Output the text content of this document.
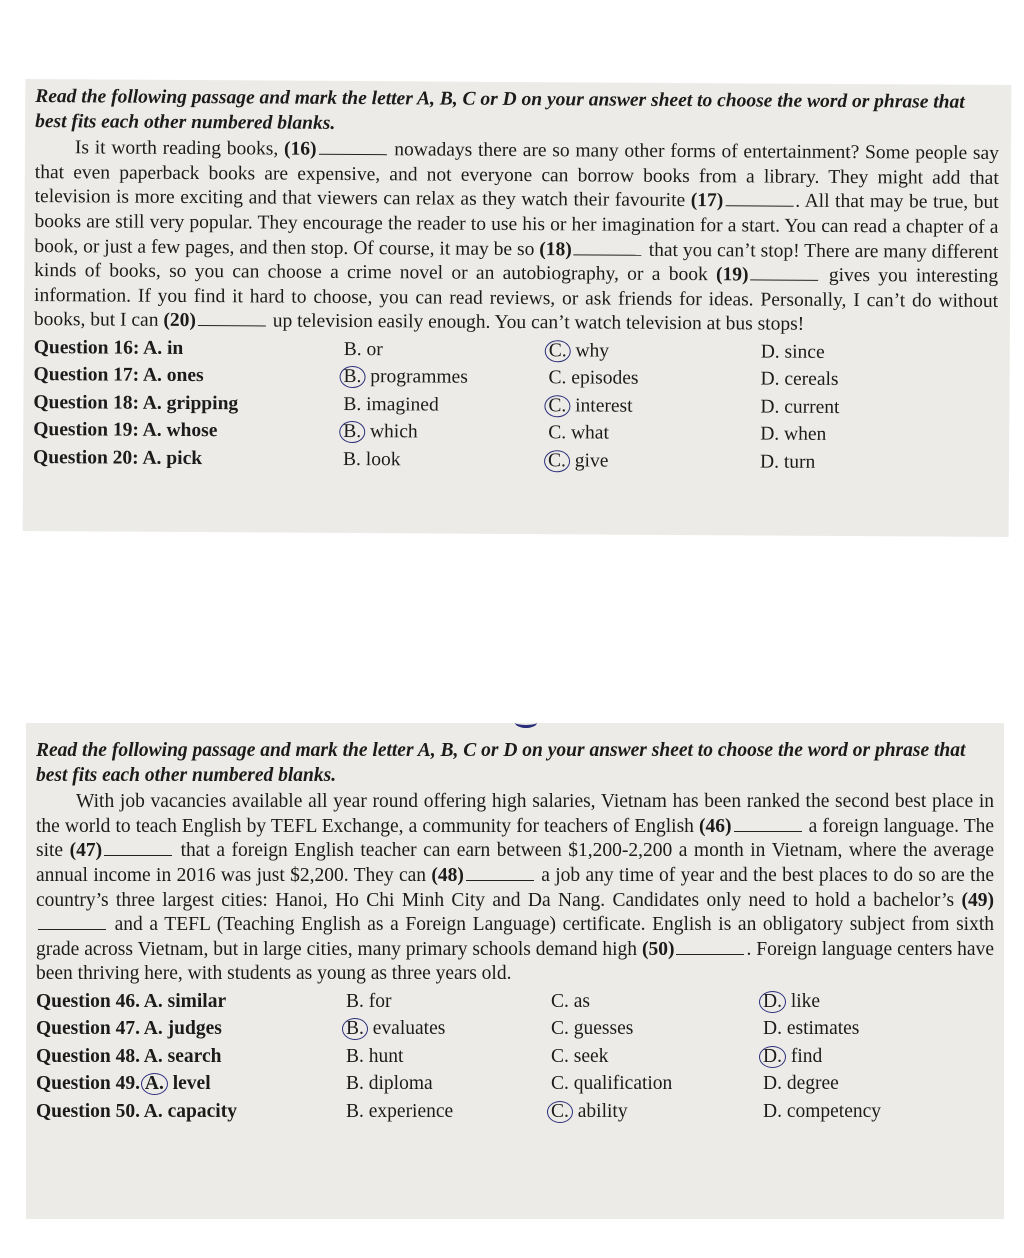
Read the following passage and mark the letter A, B, C or D on your answer sheet to choose the word or phrase that best fits each other numbered blanks.

Is it worth reading books, (16)	nowadays there are so many other forms of entertainment? Some people say that even paperback books are expensive, and not everyone can borrow books from a library. They might add that television is more exciting and that viewers can relax as they watch their favourite (17)	. All that may be true, but books are still very popular. They encourage the reader to use his or her imagination for a start. You can read a chapter of a book, or just a few pages, and then stop. Of course, it may be so (18)	that you can’t stop! There are many different kinds of books, so you can choose a crime novel or an autobiography, or a book (19)	gives you interesting information. If you find it hard to choose, you can read reviews, or ask friends for ideas. Personally, I can’t do without books, but I can (20)	up television easily enough. You can’t watch television at bus stops!

Question 16: A. in	B. or	C. why	D. since
Question 17: A. ones	B. programmes	C. episodes	D. cereals
Question 18: A. gripping	B. imagined	C. interest	D. current
Question 19: A. whose	B. which	C. what	D. when
Question 20: A. pick	B. look	C. give	D. turn

Read the following passage and mark the letter A, B, C or D on your answer sheet to choose the word or phrase that best fits each other numbered blanks.

With job vacancies available all year round offering high salaries, Vietnam has been ranked the second best place in the world to teach English by TEFL Exchange, a community for teachers of English (46)	a foreign language. The site (47)	that a foreign English teacher can earn between $1,200-2,200 a month in Vietnam, where the average annual income in 2016 was just $2,200. They can (48)	a job any time of year and the best places to do so are the country’s three largest cities: Hanoi, Ho Chi Minh City and Da Nang. Candidates only need to hold a bachelor’s (49) and a TEFL (Teaching English as a Foreign Language) certificate. English is an obligatory subject from sixth grade across Vietnam, but in large cities, many primary schools demand high (50)	. Foreign language centers have been thriving here, with students as young as three years old.

Question 46. A. similar	B. for	C. as	D. like
Question 47. A. judges	B. evaluates	C. guesses	D. estimates
Question 48. A. search	B. hunt	C. seek	D. find
Question 49. A. level	B. diploma	C. qualification	D. degree
Question 50. A. capacity	B. experience	C. ability	D. competency
